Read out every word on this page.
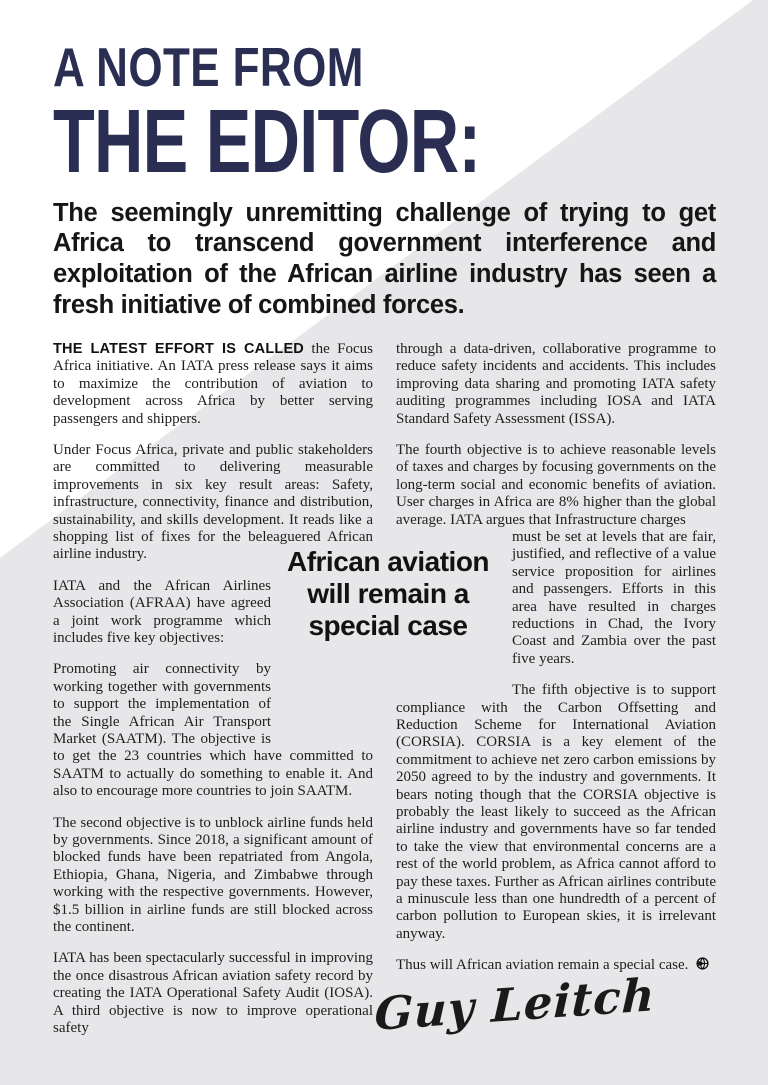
A NOTE FROM
THE EDITOR:
The seemingly unremitting challenge of trying to get Africa to transcend government interference and exploitation of the African airline industry has seen a fresh initiative of combined forces.
THE LATEST EFFORT IS CALLED the Focus Africa initiative. An IATA press release says it aims to maximize the contribution of aviation to development across Africa by better serving passengers and shippers.
Under Focus Africa, private and public stakeholders are committed to delivering measurable improvements in six key result areas: Safety, infrastructure, connectivity, finance and distribution, sustainability, and skills development. It reads like a shopping list of fixes for the beleaguered African airline industry.
IATA and the African Airlines Association (AFRAA) have agreed a joint work programme which includes five key objectives:
Promoting air connectivity by working together with governments to support the implementation of the Single African Air Transport Market (SAATM). The objective is to get the 23 countries which have committed to SAATM to actually do something to enable it. And also to encourage more countries to join SAATM.
The second objective is to unblock airline funds held by governments. Since 2018, a significant amount of blocked funds have been repatriated from Angola, Ethiopia, Ghana, Nigeria, and Zimbabwe through working with the respective governments. However, $1.5 billion in airline funds are still blocked across the continent.
IATA has been spectacularly successful in improving the once disastrous African aviation safety record by creating the IATA Operational Safety Audit (IOSA). A third objective is now to improve operational safety
through a data-driven, collaborative programme to reduce safety incidents and accidents. This includes improving data sharing and promoting IATA safety auditing programmes including IOSA and IATA Standard Safety Assessment (ISSA).
The fourth objective is to achieve reasonable levels of taxes and charges by focusing governments on the long-term social and economic benefits of aviation. User charges in Africa are 8% higher than the global average. IATA argues that Infrastructure charges
must be set at levels that are fair, justified, and reflective of a value service proposition for airlines and passengers. Efforts in this area have resulted in charges reductions in Chad, the Ivory Coast and Zambia over the past five years.
The fifth objective is to support compliance with the Carbon Offsetting and Reduction Scheme for International Aviation (CORSIA). CORSIA is a key element of the commitment to achieve net zero carbon emissions by 2050 agreed to by the industry and governments. It bears noting though that the CORSIA objective is probably the least likely to succeed as the African airline industry and governments have so far tended to take the view that environmental concerns are a rest of the world problem, as Africa cannot afford to pay these taxes. Further as African airlines contribute a minuscule less than one hundredth of a percent of carbon pollution to European skies, it is irrelevant anyway.
Thus will African aviation remain a special case.
African aviation will remain a special case
Guy Leitch
